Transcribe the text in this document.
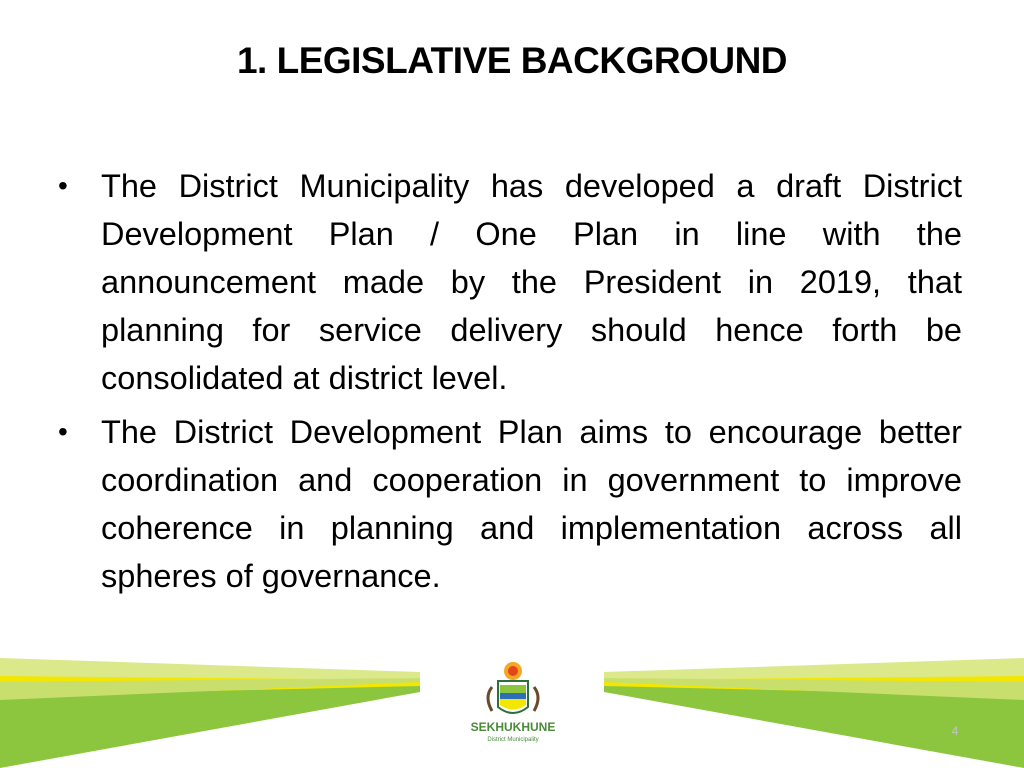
1. LEGISLATIVE BACKGROUND
• The District Municipality has developed a draft District Development Plan / One Plan in line with the announcement made by the President in 2019, that planning for service delivery should hence forth be consolidated at district level.
• The District Development Plan aims to encourage better coordination and cooperation in government to improve coherence in planning and implementation across all spheres of governance.
SEKHUKHUNE
District Municipality
4
